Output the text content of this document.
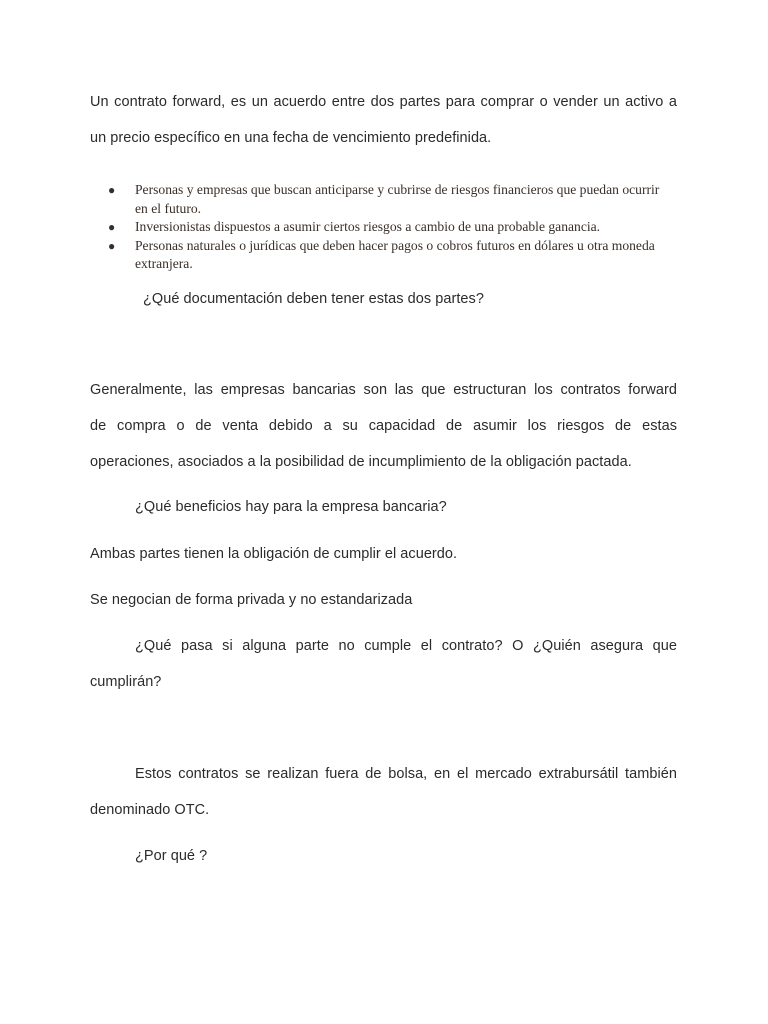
Un contrato forward, es un acuerdo entre dos partes para comprar o vender un activo a

un precio específico en una fecha de vencimiento predefinida.

● Personas y empresas que buscan anticiparse y cubrirse de riesgos financieros que puedan ocurrir en el futuro.
● Inversionistas dispuestos a asumir ciertos riesgos a cambio de una probable ganancia.
● Personas naturales o jurídicas que deben hacer pagos o cobros futuros en dólares u otra moneda extranjera.

¿Qué documentación deben tener estas dos partes?

Generalmente, las empresas bancarias son las que estructuran los contratos forward

de compra o de venta debido a su capacidad de asumir los riesgos de estas

operaciones, asociados a la posibilidad de incumplimiento de la obligación pactada.

¿Qué beneficios hay para la empresa bancaria?

Ambas partes tienen la obligación de cumplir el acuerdo.

Se negocian de forma privada y no estandarizada

¿Qué pasa si alguna parte no cumple el contrato? O ¿Quién asegura que

cumplirán?

Estos contratos se realizan fuera de bolsa, en el mercado extrabursátil también

denominado OTC.

¿Por qué ?
